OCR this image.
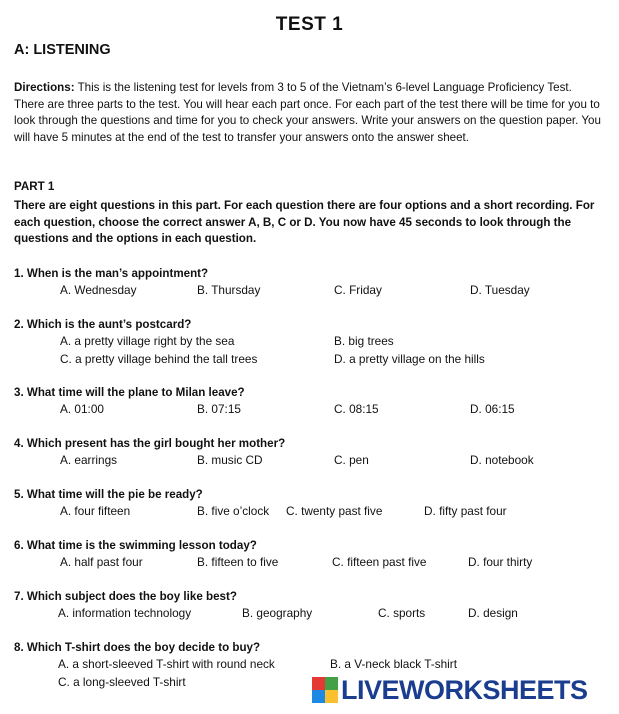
TEST 1
A: LISTENING
Directions: This is the listening test for levels from 3 to 5 of the Vietnam’s 6-level Language Proficiency Test. There are three parts to the test. You will hear each part once. For each part of the test there will be time for you to look through the questions and time for you to check your answers. Write your answers on the question paper. You will have 5 minutes at the end of the test to transfer your answers onto the answer sheet.
PART 1
There are eight questions in this part. For each question there are four options and a short recording. For each question, choose the correct answer A, B, C or D. You now have 45 seconds to look through the questions and the options in each question.
1. When is the man’s appointment?
A. Wednesday	B. Thursday	C. Friday	D. Tuesday
2. Which is the aunt’s postcard?
A. a pretty village right by the sea	B. big trees
C. a pretty village behind the tall trees	D. a pretty village on the hills
3. What time will the plane to Milan leave?
A. 01:00	B. 07:15	C. 08:15	D. 06:15
4. Which present has the girl bought her mother?
A. earrings	B. music CD	C. pen	D. notebook
5. What time will the pie be ready?
A. four fifteen	B. five o’clock C. twenty past five	D. fifty past four
6. What time is the swimming lesson today?
A. half past four	B. fifteen to five	C. fifteen past five	D. four thirty
7. Which subject does the boy like best?
A. information technology	B. geography	C. sports	D. design
8. Which T-shirt does the boy decide to buy?
A. a short-sleeved T-shirt with round neck	B. a V-neck black T-shirt
C. a long-sleeved T-shirt	LIVEWORKSHEETS
